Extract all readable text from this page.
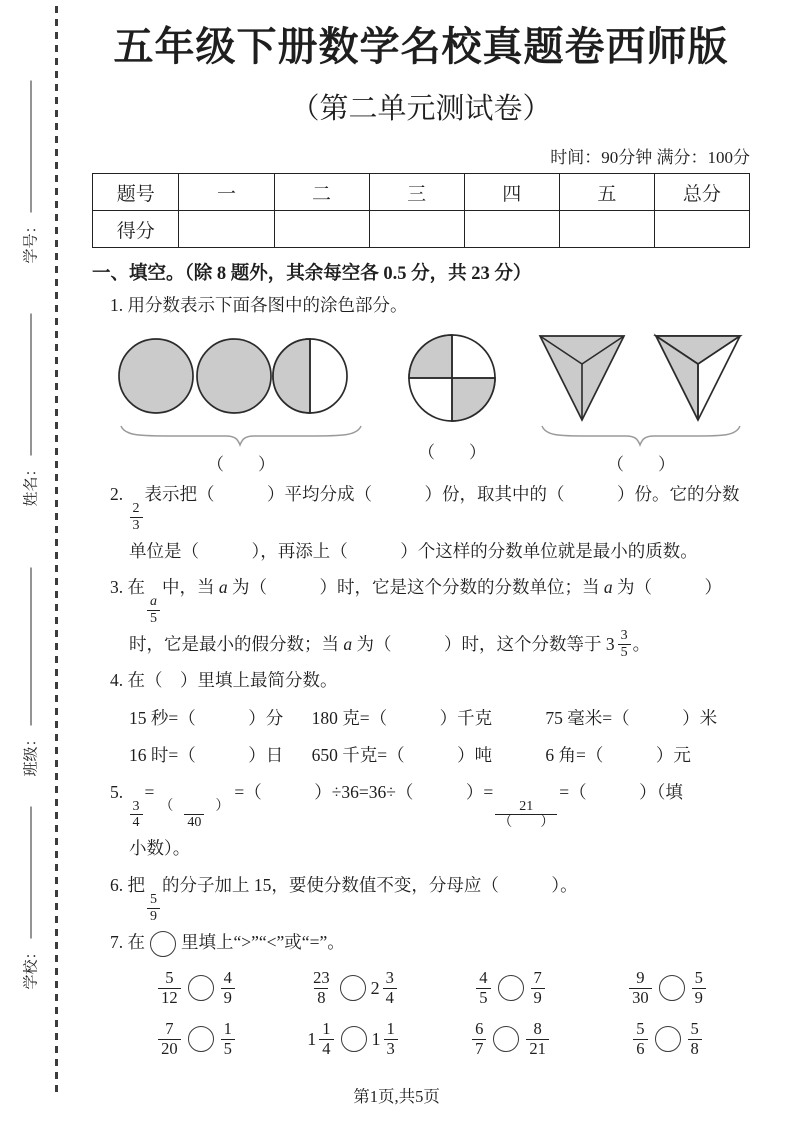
学号：
姓名：
班级：
学校：
五年级下册数学名校真题卷西师版
（第二单元测试卷）
时间：90分钟 满分：100分
题号	一	二	三	四	五	总分
得分						
一、填空。（除 8 题外，其余每空各 0.5 分，共 23 分）
1. 用分数表示下面各图中的涂色部分。
（　　）
（　　）
（　　）
2.
$\frac{2}{3}$
表示把（　　　）平均分成（　　　）份，取其中的（　　　）份。它的分数
单位是（　　　），再添上（　　　）个这样的分数单位就是最小的质数。
3. 在
$\frac{a}{5}$
中，当 a 为（　　　）时，它是这个分数的分数单位；当 a 为（　　　）
时，它是最小的假分数；当 a 为（　　　）时，这个分数等于 $3 \frac{3}{5}$ 。
4. 在（　）里填上最简分数。
15 秒=（　　　）分	180 克=（　　　）千克	75 毫米=（　　　）米
16 时=（　　　）日	650 千克=（　　　）吨	6 角=（　　　）元
5.
$\frac{3}{4}$
=
$\frac{( )}{40}$
=（　　　）÷36=36÷（　　　）=
$\frac{21}{( )}$
=（　　　）（填
小数）。
6. 把
$\frac{5}{9}$
的分子加上 15，要使分数值不变，分母应（　　　）。
7. 在 里填上“>”“<”或“=”。
$\frac{5}{12} \frac{4}{9}$	$\frac{23}{8} 2 \frac{3}{4}$	$\frac{4}{5} \frac{7}{9}$	$\frac{9}{30} \frac{5}{9}$
$\frac{7}{20} \frac{1}{5}$	$1 \frac{1}{4} 1 \frac{1}{3}$	$\frac{6}{7} \frac{8}{21}$	$\frac{5}{6} \frac{5}{8}$
第1页,共5页
